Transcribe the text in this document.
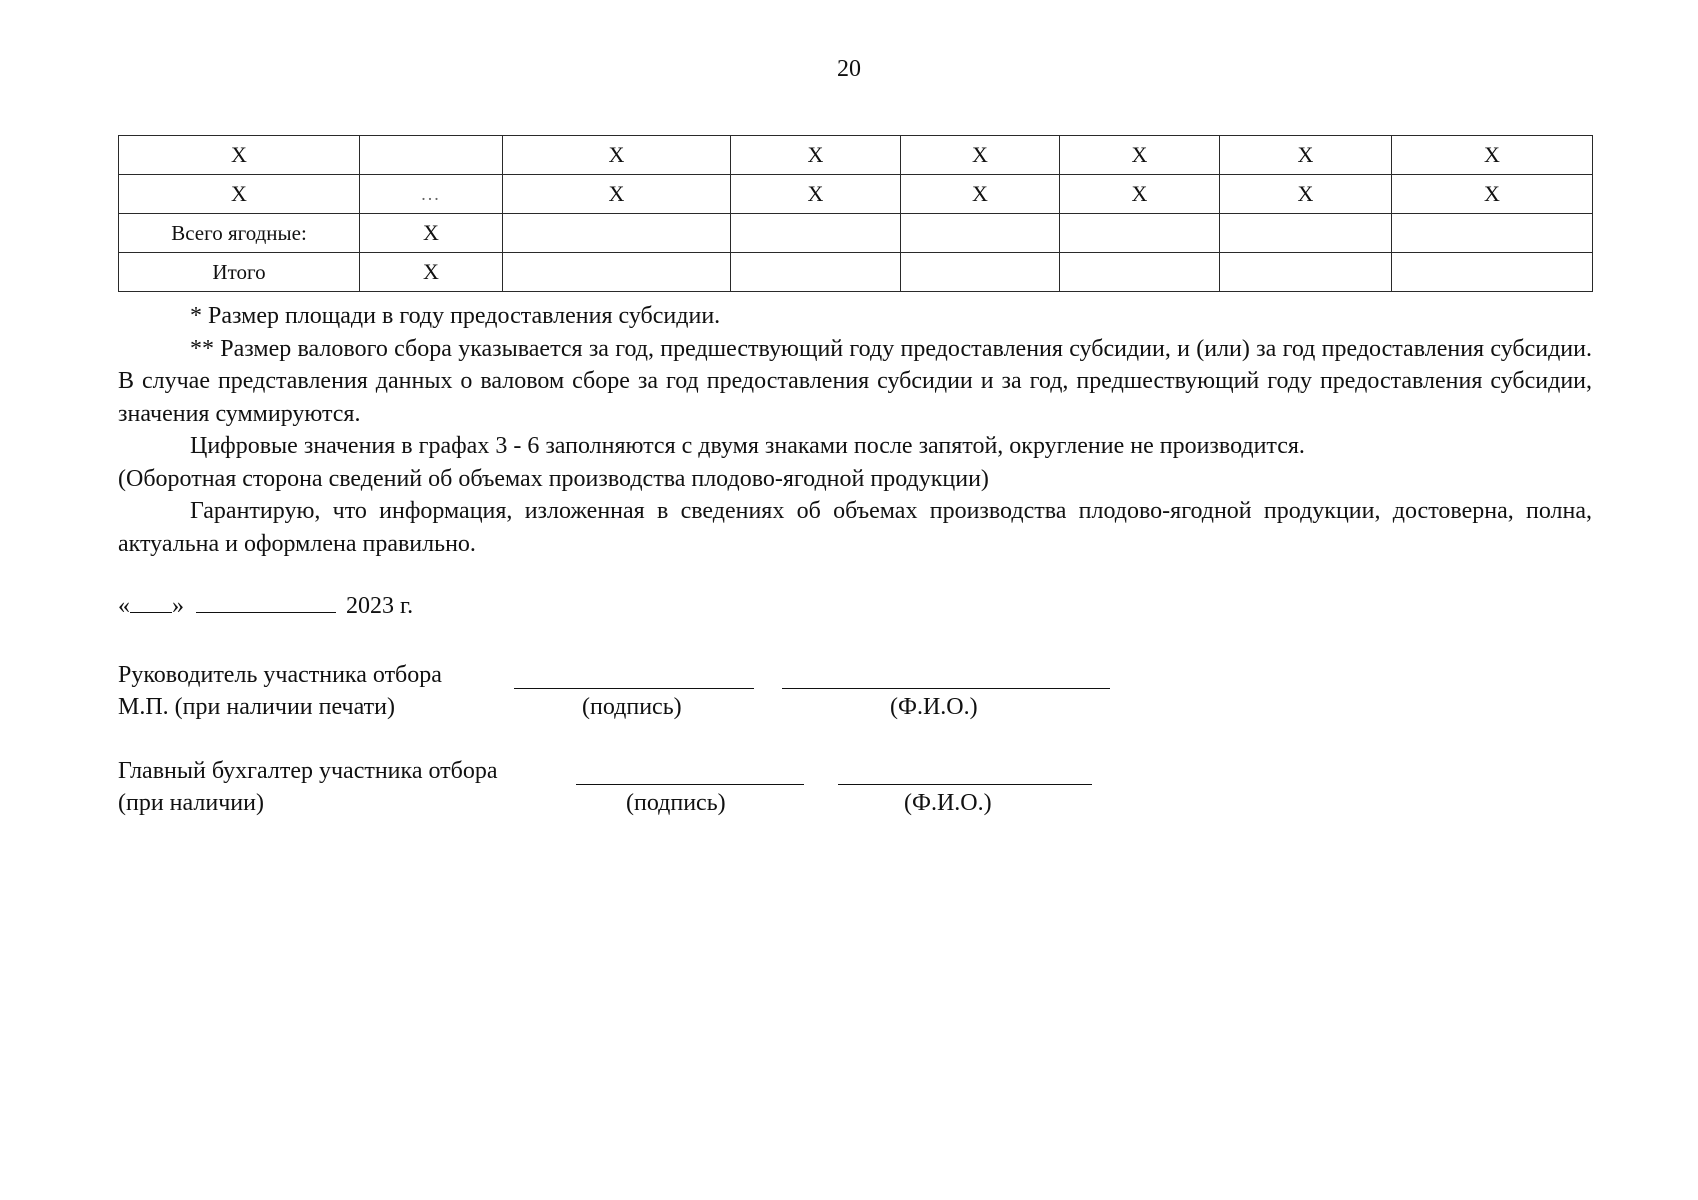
20
X		X	X	X	X	X	X
X	...	X	X	X	X	X	X
Всего ягодные:	X						
Итого	X						

* Размер площади в году предоставления субсидии.

** Размер валового сбора указывается за год, предшествующий году предоставления субсидии, и (или) за год предоставления субсидии. В случае представления данных о валовом сборе за год предоставления субсидии и за год, предшествующий году предоставления субсидии, значения суммируются.

Цифровые значения в графах 3 - 6 заполняются с двумя знаками после запятой, округление не производится.

(Оборотная сторона сведений об объемах производства плодово-ягодной продукции)

Гарантирую, что информация, изложенная в сведениях об объемах производства плодово-ягодной продукции, достоверна, полна, актуальна и оформлена правильно.

« »	2023 г.
Руководитель участника отбора
М.П. (при наличии печати)	(подпись)	(Ф.И.О.)
Главный бухгалтер участника отбора
(при наличии)	(подпись)	(Ф.И.О.)
